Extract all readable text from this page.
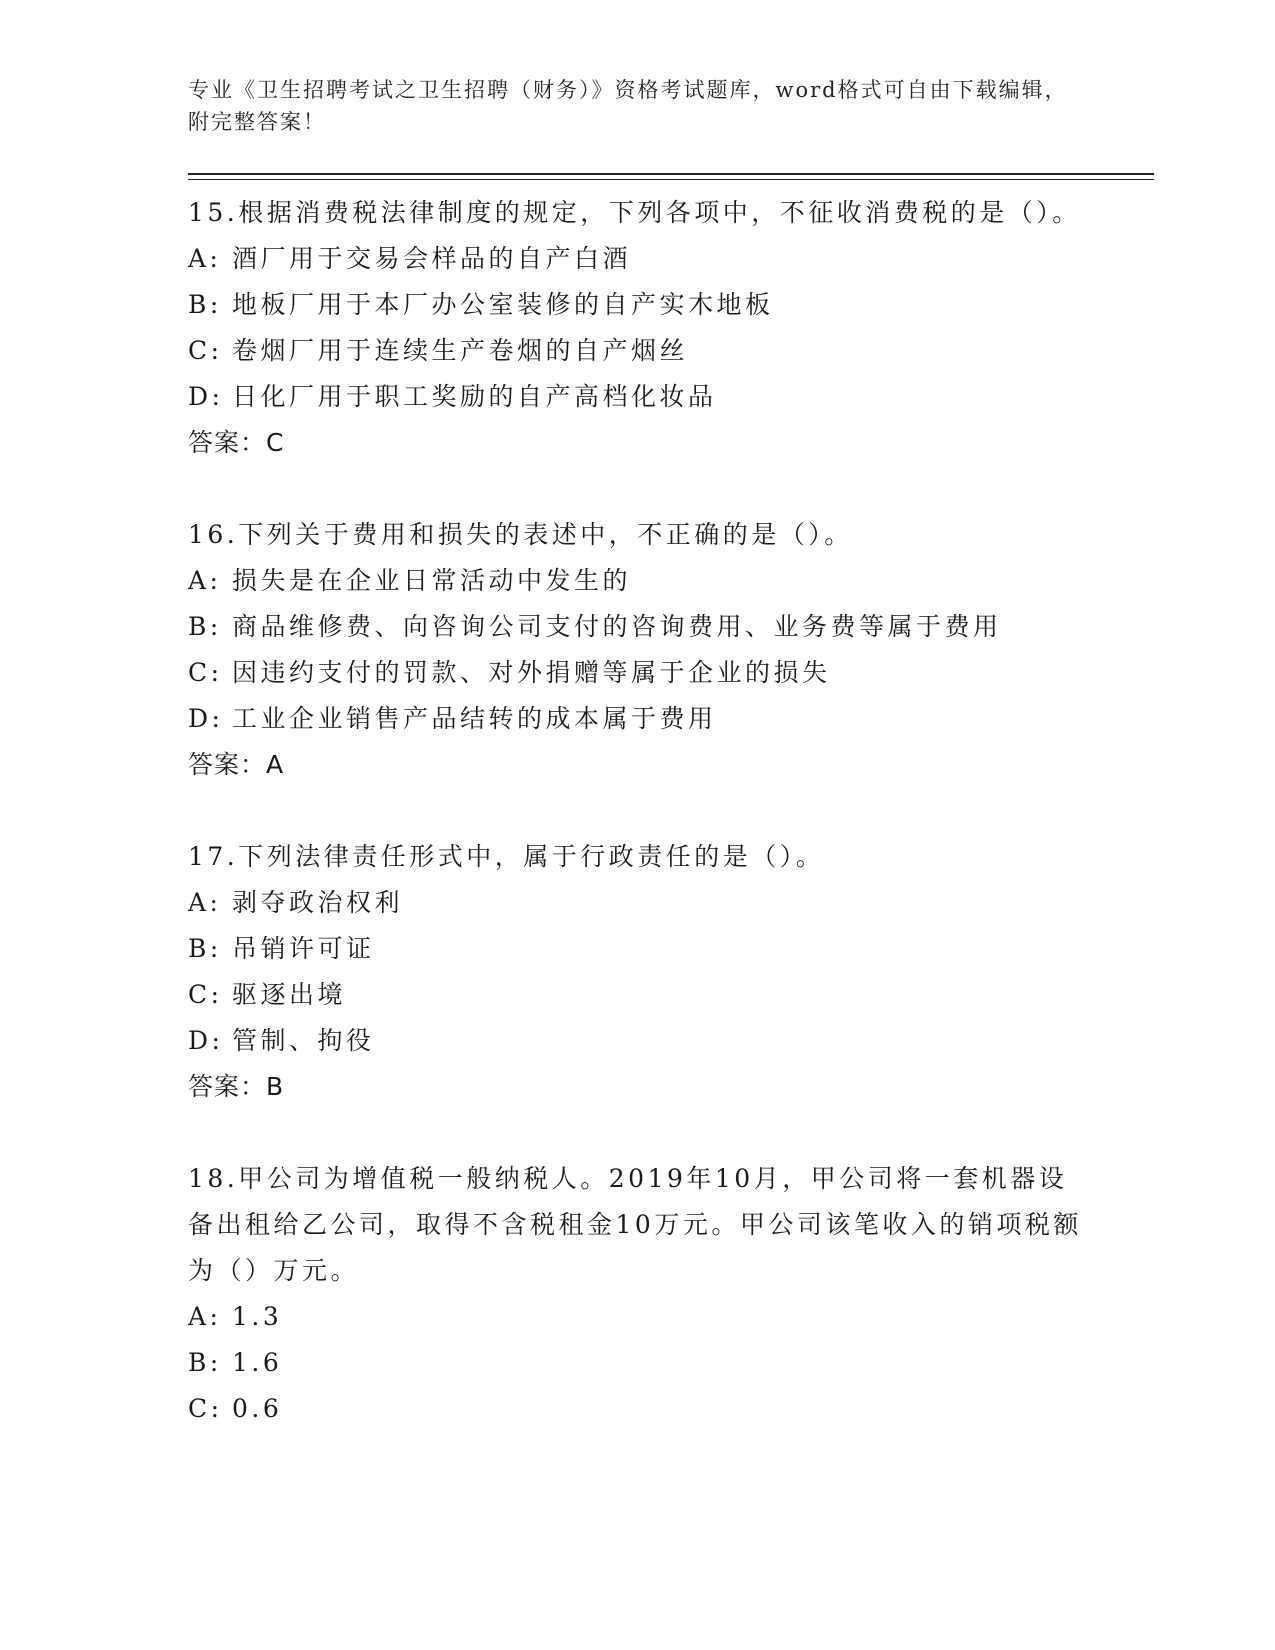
专业《卫生招聘考试之卫生招聘（财务）》资格考试题库，word格式可自由下载编辑，附完整答案！

15.根据消费税法律制度的规定，下列各项中，不征收消费税的是（）。

A: 酒厂用于交易会样品的自产白酒

B: 地板厂用于本厂办公室装修的自产实木地板

C: 卷烟厂用于连续生产卷烟的自产烟丝

D: 日化厂用于职工奖励的自产高档化妆品

答案：C

16.下列关于费用和损失的表述中，不正确的是（）。

A: 损失是在企业日常活动中发生的

B: 商品维修费、向咨询公司支付的咨询费用、业务费等属于费用

C: 因违约支付的罚款、对外捐赠等属于企业的损失

D: 工业企业销售产品结转的成本属于费用

答案：A

17.下列法律责任形式中，属于行政责任的是（）。

A: 剥夺政治权利

B: 吊销许可证

C: 驱逐出境

D: 管制、拘役

答案：B

18.甲公司为增值税一般纳税人。2019年10月，甲公司将一套机器设备出租给乙公司，取得不含税租金10万元。甲公司该笔收入的销项税额为（）万元。

A: 1.3

B: 1.6

C: 0.6
